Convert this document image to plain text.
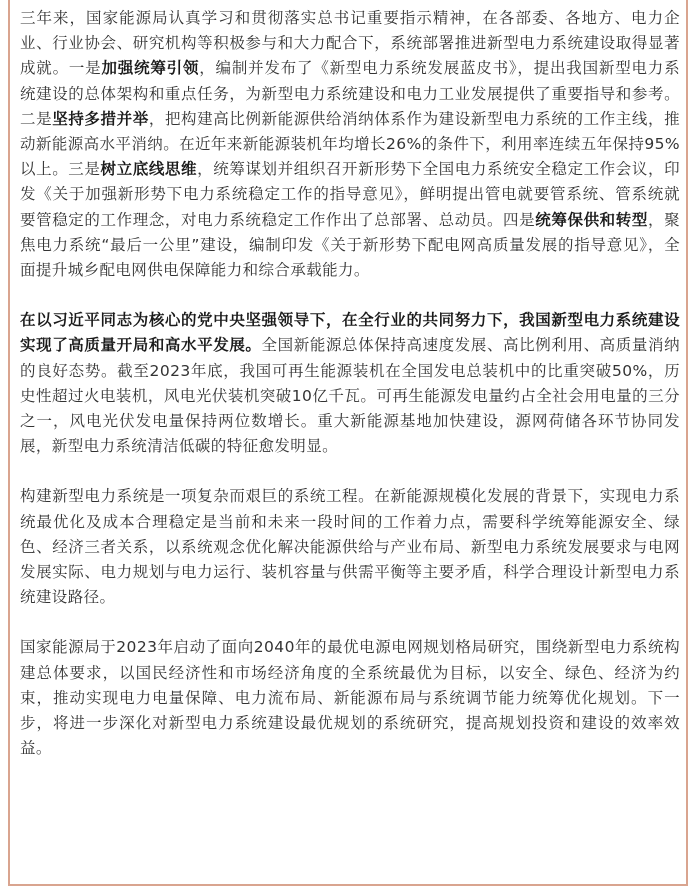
三年来，国家能源局认真学习和贯彻落实总书记重要指示精神，在各部委、各地方、电力企业、行业协会、研究机构等积极参与和大力配合下，系统部署推进新型电力系统建设取得显著成就。一是加强统筹引领，编制并发布了《新型电力系统发展蓝皮书》，提出我国新型电力系统建设的总体架构和重点任务，为新型电力系统建设和电力工业发展提供了重要指导和参考。二是坚持多措并举，把构建高比例新能源供给消纳体系作为建设新型电力系统的工作主线，推动新能源高水平消纳。在近年来新能源装机年均增长26%的条件下，利用率连续五年保持95%以上。三是树立底线思维，统筹谋划并组织召开新形势下全国电力系统安全稳定工作会议，印发《关于加强新形势下电力系统稳定工作的指导意见》，鲜明提出管电就要管系统、管系统就要管稳定的工作理念，对电力系统稳定工作作出了总部署、总动员。四是统筹保供和转型，聚焦电力系统“最后一公里”建设，编制印发《关于新形势下配电网高质量发展的指导意见》，全面提升城乡配电网供电保障能力和综合承载能力。

在以习近平同志为核心的党中央坚强领导下，在全行业的共同努力下，我国新型电力系统建设实现了高质量开局和高水平发展。全国新能源总体保持高速度发展、高比例利用、高质量消纳的良好态势。截至2023年底，我国可再生能源装机在全国发电总装机中的比重突破50%，历史性超过火电装机，风电光伏装机突破10亿千瓦。可再生能源发电量约占全社会用电量的三分之一，风电光伏发电量保持两位数增长。重大新能源基地加快建设，源网荷储各环节协同发展，新型电力系统清洁低碳的特征愈发明显。

构建新型电力系统是一项复杂而艰巨的系统工程。在新能源规模化发展的背景下，实现电力系统最优化及成本合理稳定是当前和未来一段时间的工作着力点，需要科学统筹能源安全、绿色、经济三者关系，以系统观念优化解决能源供给与产业布局、新型电力系统发展要求与电网发展实际、电力规划与电力运行、装机容量与供需平衡等主要矛盾，科学合理设计新型电力系统建设路径。

国家能源局于2023年启动了面向2040年的最优电源电网规划格局研究，围绕新型电力系统构建总体要求，以国民经济性和市场经济角度的全系统最优为目标，以安全、绿色、经济为约束，推动实现电力电量保障、电力流布局、新能源布局与系统调节能力统筹优化规划。下一步，将进一步深化对新型电力系统建设最优规划的系统研究，提高规划投资和建设的效率效益。
